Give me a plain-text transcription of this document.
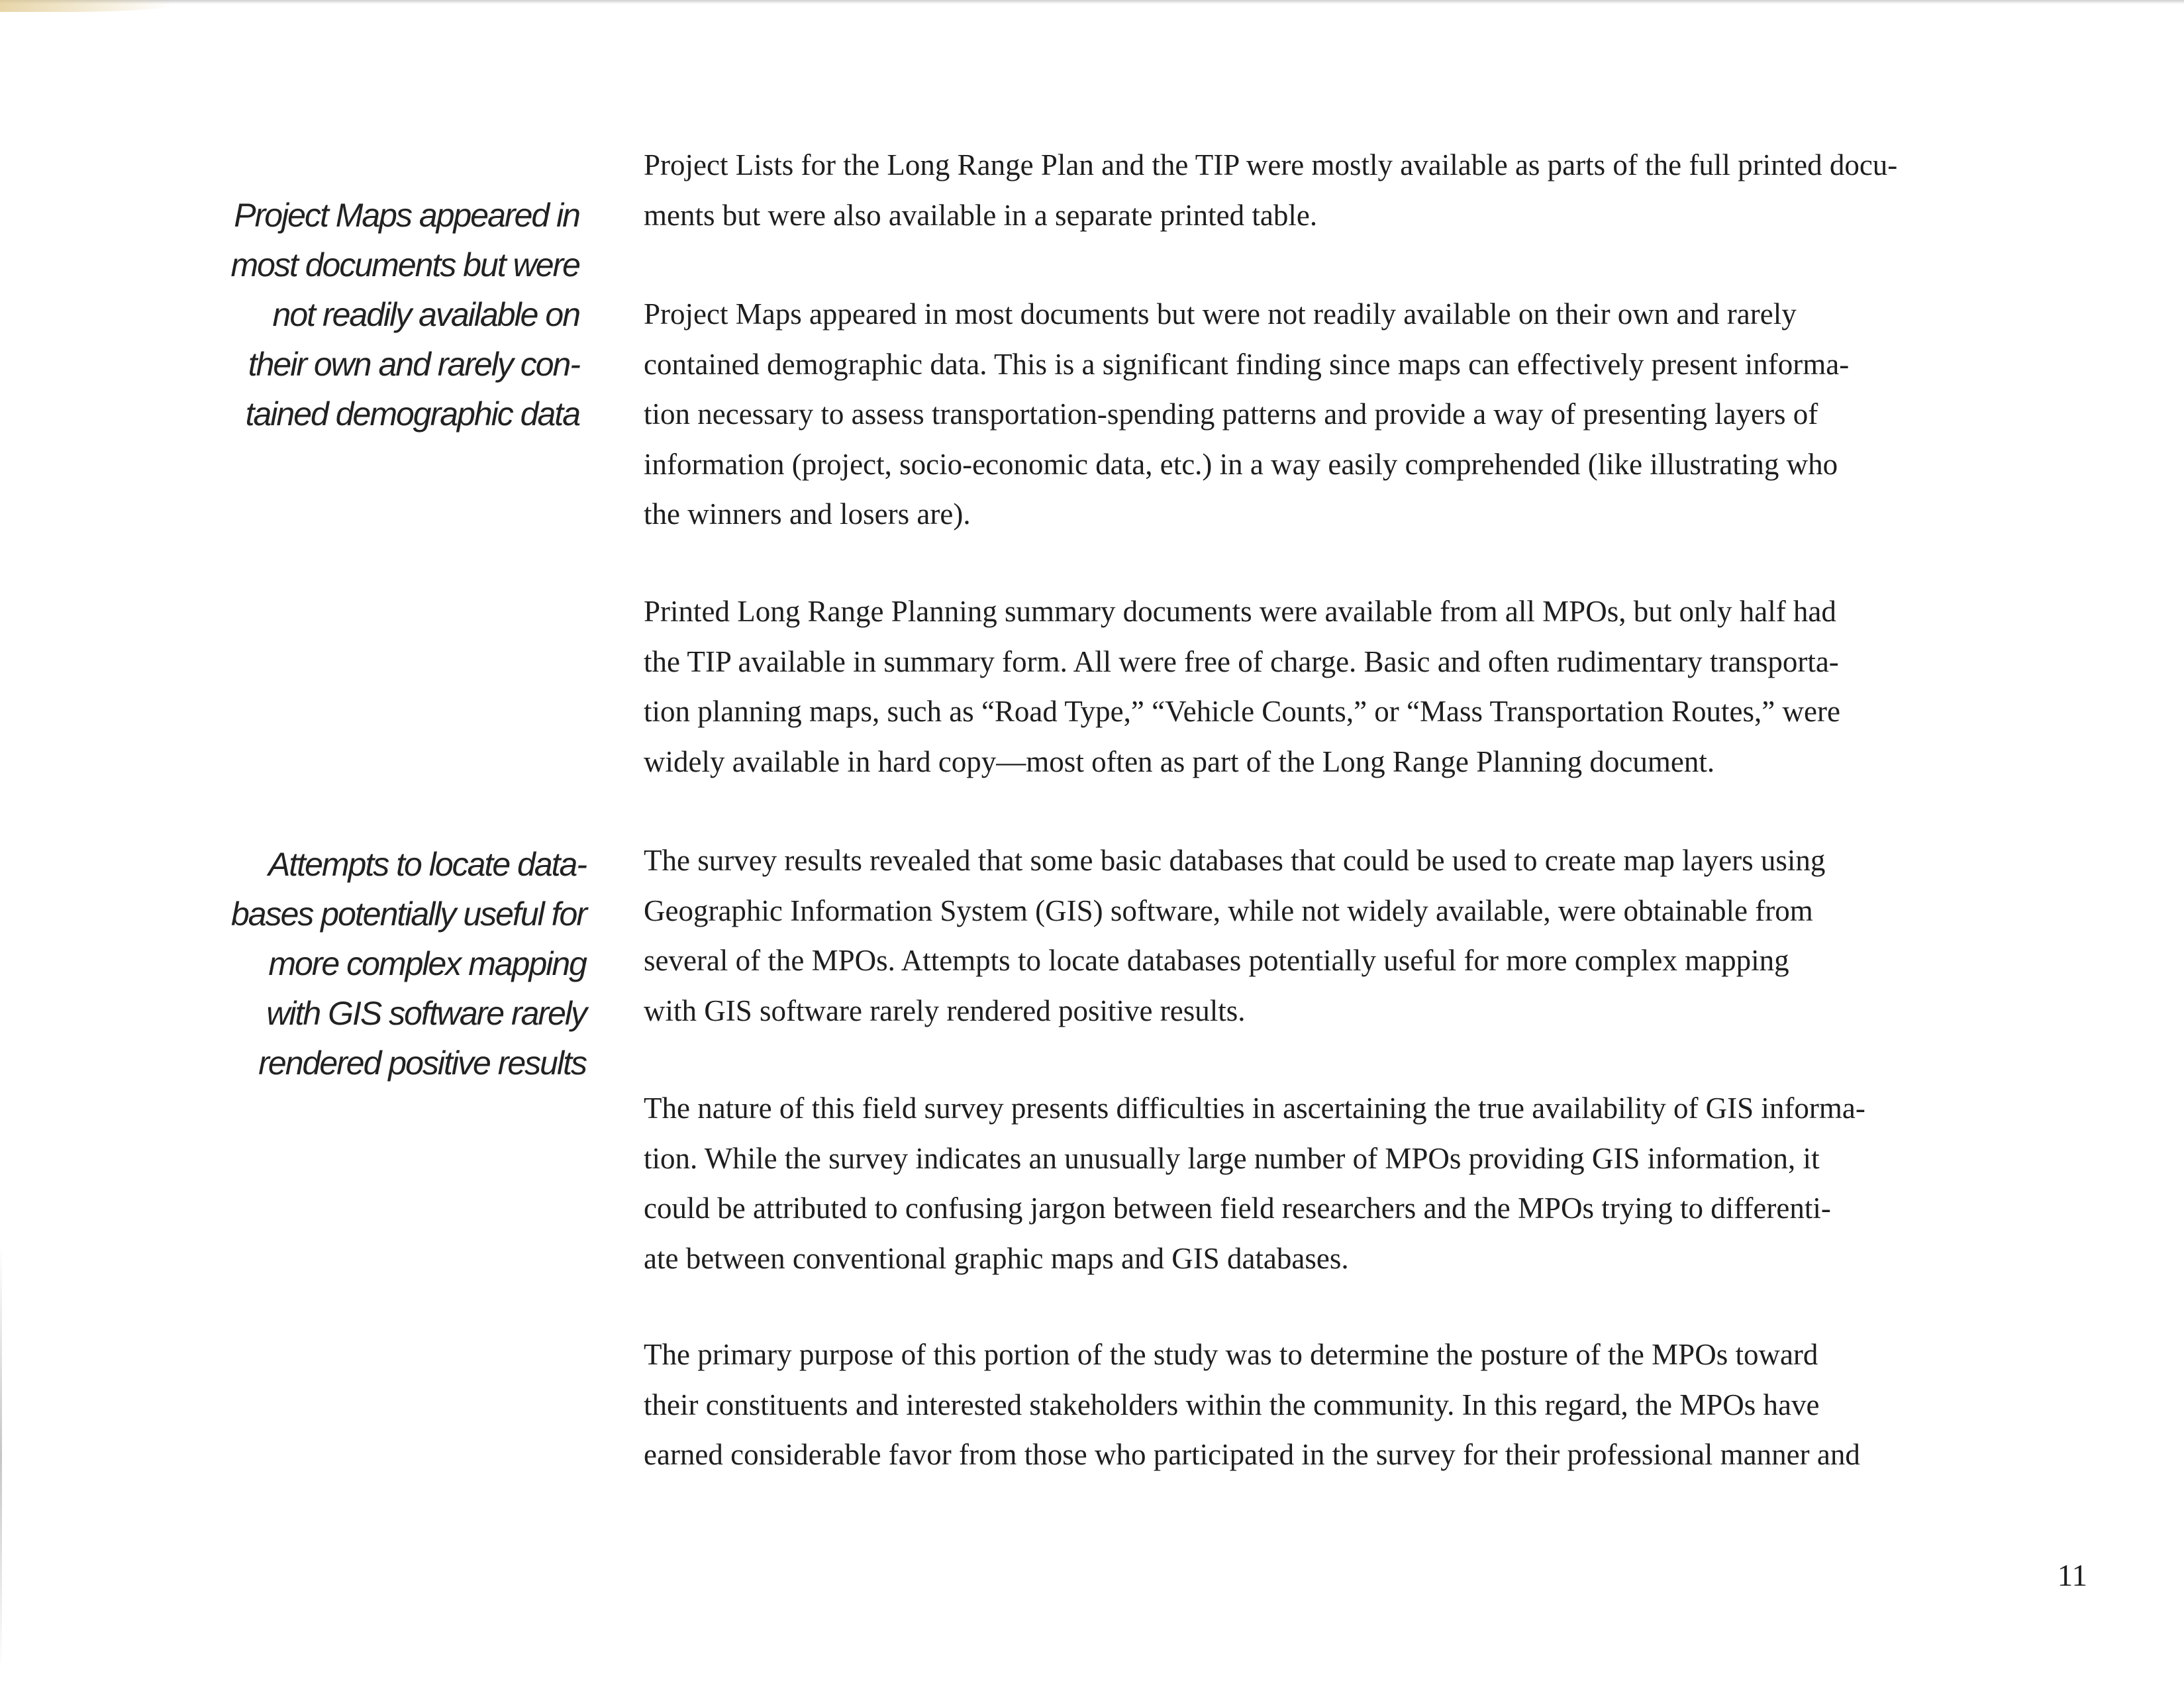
Project Maps appeared in
most documents but were
not readily available on
their own and rarely con-
tained demographic data
Attempts to locate data-
bases potentially useful for
more complex mapping
with GIS software rarely
rendered positive results
Project Lists for the Long Range Plan and the TIP were mostly available as parts of the full printed docu-
ments but were also available in a separate printed table.
Project Maps appeared in most documents but were not readily available on their own and rarely
contained demographic data. This is a significant finding since maps can effectively present informa-
tion necessary to assess transportation-spending patterns and provide a way of presenting layers of
information (project, socio-economic data, etc.) in a way easily comprehended (like illustrating who
the winners and losers are).
Printed Long Range Planning summary documents were available from all MPOs, but only half had
the TIP available in summary form. All were free of charge. Basic and often rudimentary transporta-
tion planning maps, such as “Road Type,” “Vehicle Counts,” or “Mass Transportation Routes,” were
widely available in hard copy—most often as part of the Long Range Planning document.
The survey results revealed that some basic databases that could be used to create map layers using
Geographic Information System (GIS) software, while not widely available, were obtainable from
several of the MPOs. Attempts to locate databases potentially useful for more complex mapping
with GIS software rarely rendered positive results.
The nature of this field survey presents difficulties in ascertaining the true availability of GIS informa-
tion. While the survey indicates an unusually large number of MPOs providing GIS information, it
could be attributed to confusing jargon between field researchers and the MPOs trying to differenti-
ate between conventional graphic maps and GIS databases.
The primary purpose of this portion of the study was to determine the posture of the MPOs toward
their constituents and interested stakeholders within the community. In this regard, the MPOs have
earned considerable favor from those who participated in the survey for their professional manner and
11
